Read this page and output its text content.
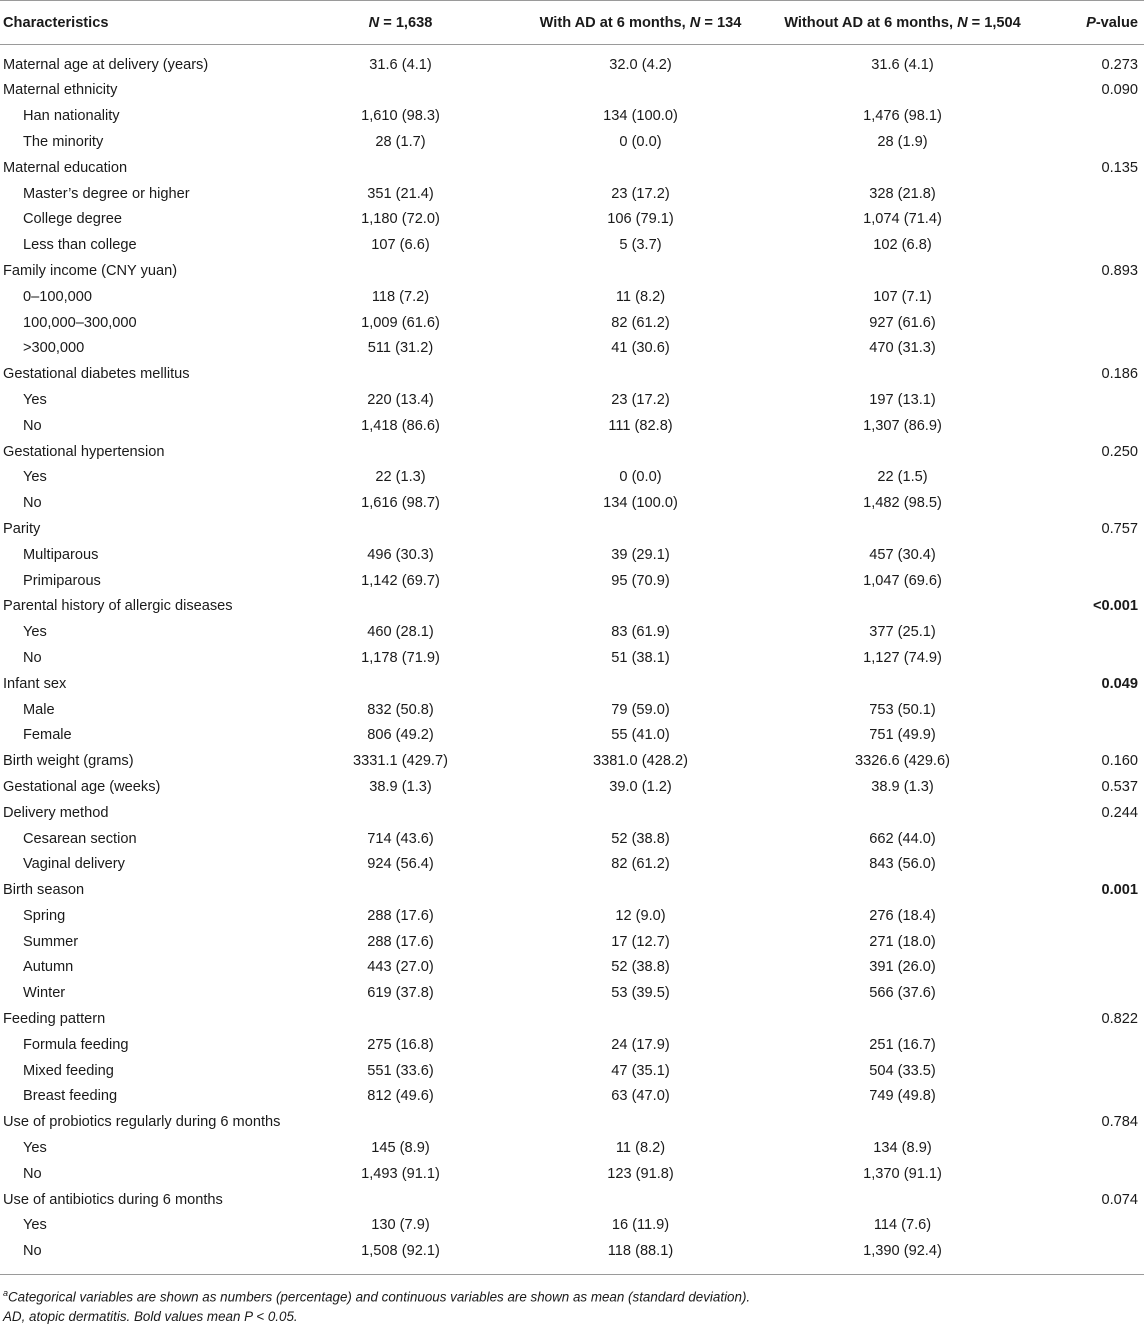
Characteristics	N = 1,638	With AD at 6 months, N = 134	Without AD at 6 months, N = 1,504	P-value
Maternal age at delivery (years)	31.6 (4.1)	32.0 (4.2)	31.6 (4.1)	0.273
Maternal ethnicity				0.090
Han nationality	1,610 (98.3)	134 (100.0)	1,476 (98.1)	
The minority	28 (1.7)	0 (0.0)	28 (1.9)	
Maternal education				0.135
Master’s degree or higher	351 (21.4)	23 (17.2)	328 (21.8)	
College degree	1,180 (72.0)	106 (79.1)	1,074 (71.4)	
Less than college	107 (6.6)	5 (3.7)	102 (6.8)	
Family income (CNY yuan)				0.893
0–100,000	118 (7.2)	11 (8.2)	107 (7.1)	
100,000–300,000	1,009 (61.6)	82 (61.2)	927 (61.6)	
>300,000	511 (31.2)	41 (30.6)	470 (31.3)	
Gestational diabetes mellitus				0.186
Yes	220 (13.4)	23 (17.2)	197 (13.1)	
No	1,418 (86.6)	111 (82.8)	1,307 (86.9)	
Gestational hypertension				0.250
Yes	22 (1.3)	0 (0.0)	22 (1.5)	
No	1,616 (98.7)	134 (100.0)	1,482 (98.5)	
Parity				0.757
Multiparous	496 (30.3)	39 (29.1)	457 (30.4)	
Primiparous	1,142 (69.7)	95 (70.9)	1,047 (69.6)	
Parental history of allergic diseases				<0.001
Yes	460 (28.1)	83 (61.9)	377 (25.1)	
No	1,178 (71.9)	51 (38.1)	1,127 (74.9)	
Infant sex				0.049
Male	832 (50.8)	79 (59.0)	753 (50.1)	
Female	806 (49.2)	55 (41.0)	751 (49.9)	
Birth weight (grams)	3331.1 (429.7)	3381.0 (428.2)	3326.6 (429.6)	0.160
Gestational age (weeks)	38.9 (1.3)	39.0 (1.2)	38.9 (1.3)	0.537
Delivery method				0.244
Cesarean section	714 (43.6)	52 (38.8)	662 (44.0)	
Vaginal delivery	924 (56.4)	82 (61.2)	843 (56.0)	
Birth season				0.001
Spring	288 (17.6)	12 (9.0)	276 (18.4)	
Summer	288 (17.6)	17 (12.7)	271 (18.0)	
Autumn	443 (27.0)	52 (38.8)	391 (26.0)	
Winter	619 (37.8)	53 (39.5)	566 (37.6)	
Feeding pattern				0.822
Formula feeding	275 (16.8)	24 (17.9)	251 (16.7)	
Mixed feeding	551 (33.6)	47 (35.1)	504 (33.5)	
Breast feeding	812 (49.6)	63 (47.0)	749 (49.8)	
Use of probiotics regularly during 6 months				0.784
Yes	145 (8.9)	11 (8.2)	134 (8.9)	
No	1,493 (91.1)	123 (91.8)	1,370 (91.1)	
Use of antibiotics during 6 months				0.074
Yes	130 (7.9)	16 (11.9)	114 (7.6)	
No	1,508 (92.1)	118 (88.1)	1,390 (92.4)	
$^a$Categorical variables are shown as numbers (percentage) and continuous variables are shown as mean (standard deviation).
AD, atopic dermatitis. Bold values mean P < 0.05.
